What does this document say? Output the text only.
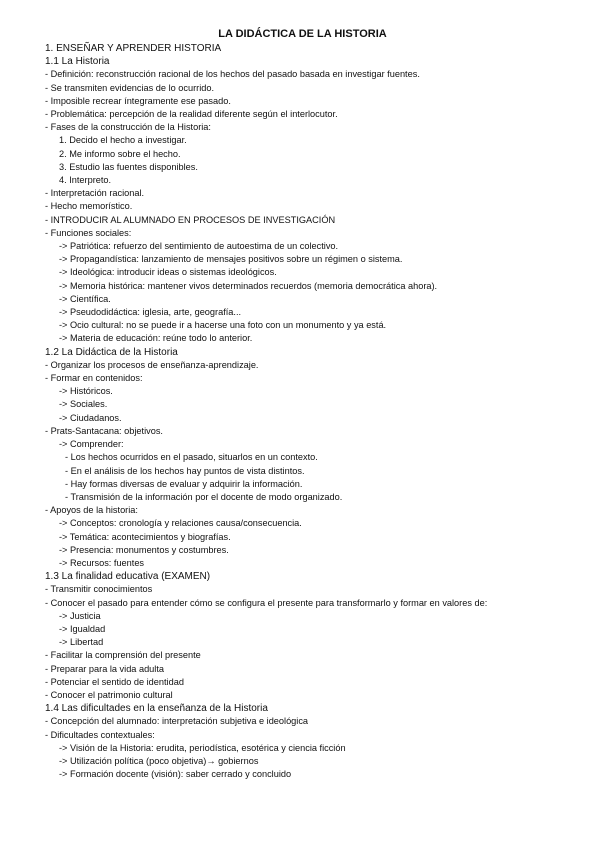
LA DIDÁCTICA DE LA HISTORIA
1. ENSEÑAR Y APRENDER HISTORIA
1.1 La Historia
- Definición: reconstrucción racional de los hechos del pasado basada en investigar fuentes.
- Se transmiten evidencias de lo ocurrido.
- Imposible recrear íntegramente ese pasado.
- Problemática: percepción de la realidad diferente según el interlocutor.
- Fases de la construcción de la Historia:
1. Decido el hecho a investigar.
2. Me informo sobre el hecho.
3. Estudio las fuentes disponibles.
4. Interpreto.
- Interpretación racional.
- Hecho memorístico.
- INTRODUCIR AL ALUMNADO EN PROCESOS DE INVESTIGACIÓN
- Funciones sociales:
-> Patriótica: refuerzo del sentimiento de autoestima de un colectivo.
-> Propagandística: lanzamiento de mensajes positivos sobre un régimen o sistema.
-> Ideológica: introducir ideas o sistemas ideológicos.
-> Memoria histórica: mantener vivos determinados recuerdos (memoria democrática ahora).
-> Científica.
-> Pseudodidáctica: iglesia, arte, geografía...
-> Ocio cultural: no se puede ir a hacerse una foto con un monumento y ya está.
-> Materia de educación: reúne todo lo anterior.
1.2 La Didáctica de la Historia
- Organizar los procesos de enseñanza-aprendizaje.
- Formar en contenidos:
-> Históricos.
-> Sociales.
-> Ciudadanos.
- Prats-Santacana: objetivos.
-> Comprender:
- Los hechos ocurridos en el pasado, situarlos en un contexto.
- En el análisis de los hechos hay puntos de vista distintos.
- Hay formas diversas de evaluar y adquirir la información.
- Transmisión de la información por el docente de modo organizado.
- Apoyos de la historia:
-> Conceptos: cronología y relaciones causa/consecuencia.
-> Temática: acontecimientos y biografías.
-> Presencia: monumentos y costumbres.
-> Recursos: fuentes
1.3 La finalidad educativa (EXAMEN)
- Transmitir conocimientos
- Conocer el pasado para entender cómo se configura el presente para transformarlo y formar en valores de:
-> Justicia
-> Igualdad
-> Libertad
- Facilitar la comprensión del presente
- Preparar para la vida adulta
- Potenciar el sentido de identidad
- Conocer el patrimonio cultural
1.4 Las dificultades en la enseñanza de la Historia
- Concepción del alumnado: interpretación subjetiva e ideológica
- Dificultades contextuales:
-> Visión de la Historia: erudita, periodística, esotérica y ciencia ficción
-> Utilización política (poco objetiva)→ gobiernos
-> Formación docente (visión): saber cerrado y concluido
